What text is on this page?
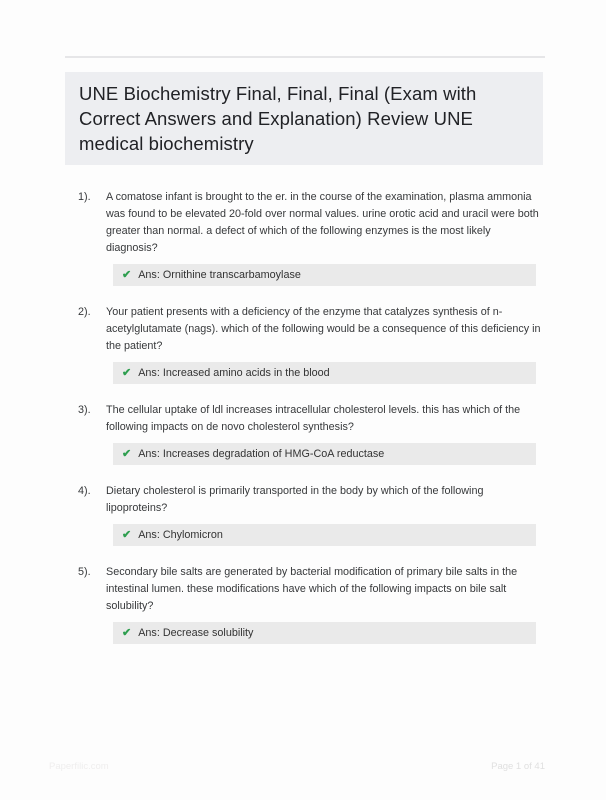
UNE Biochemistry Final, Final, Final (Exam with Correct Answers and Explanation) Review UNE medical biochemistry
1).	A comatose infant is brought to the er. in the course of the examination, plasma ammonia was found to be elevated 20-fold over normal values. urine orotic acid and uracil were both greater than normal. a defect of which of the following enzymes is the most likely diagnosis?

✔ Ans: Ornithine transcarbamoylase
2).	Your patient presents with a deficiency of the enzyme that catalyzes synthesis of n-acetylglutamate (nags). which of the following would be a consequence of this deficiency in the patient?

✔ Ans: Increased amino acids in the blood
3).	The cellular uptake of ldl increases intracellular cholesterol levels. this has which of the following impacts on de novo cholesterol synthesis?

✔ Ans: Increases degradation of HMG-CoA reductase
4).	Dietary cholesterol is primarily transported in the body by which of the following lipoproteins?

✔ Ans: Chylomicron
5).	Secondary bile salts are generated by bacterial modification of primary bile salts in the intestinal lumen. these modifications have which of the following impacts on bile salt solubility?

✔ Ans: Decrease solubility
Paperfilic.com	Page 1 of 41
